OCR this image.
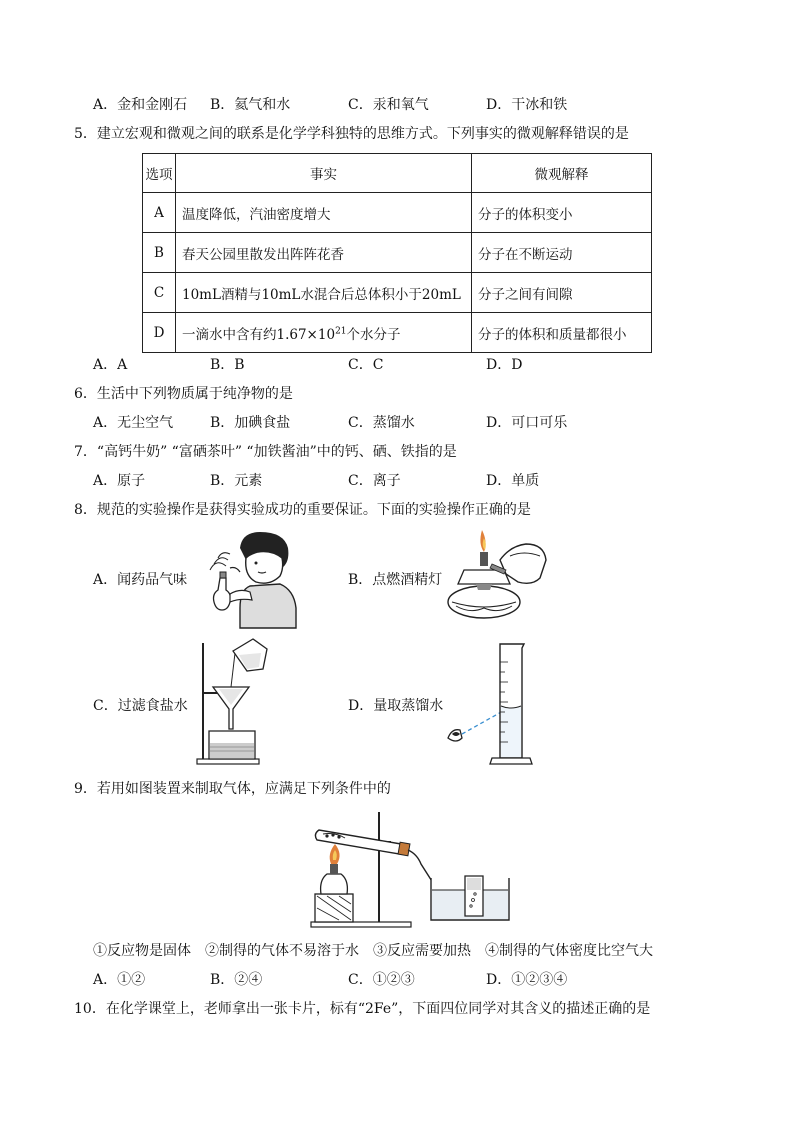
A．金和金刚石 B．氦气和水	C．汞和氧气	D．干冰和铁
5．建立宏观和微观之间的联系是化学学科独特的思维方式。下列事实的微观解释错误的是
选项	事实	微观解释
A	温度降低，汽油密度增大	分子的体积变小
B	春天公园里散发出阵阵花香	分子在不断运动
C	10mL酒精与10mL水混合后总体积小于20mL	分子之间有间隙
D	一滴水中含有约$1.67\times 10^{21}$个水分子	分子的体积和质量都很小
A．A	B．B	C．C	D．D
6．生活中下列物质属于纯净物的是
A．无尘空气	B．加碘食盐	C．蒸馏水	D．可口可乐
7．“高钙牛奶” “富硒茶叶” “加铁酱油”中的钙、硒、铁指的是
A．原子	B．元素	C．离子	D．单质
8．规范的实验操作是获得实验成功的重要保证。下面的实验操作正确的是
A．闻药品气味	B．点燃酒精灯
C．过滤食盐水	D．量取蒸馏水
9．若用如图装置来制取气体，应满足下列条件中的
①反应物是固体　②制得的气体不易溶于水　③反应需要加热　④制得的气体密度比空气大
A．①②	B．②④	C．①②③	D．①②③④
10．在化学课堂上，老师拿出一张卡片，标有“2Fe”，下面四位同学对其含义的描述正确的是
